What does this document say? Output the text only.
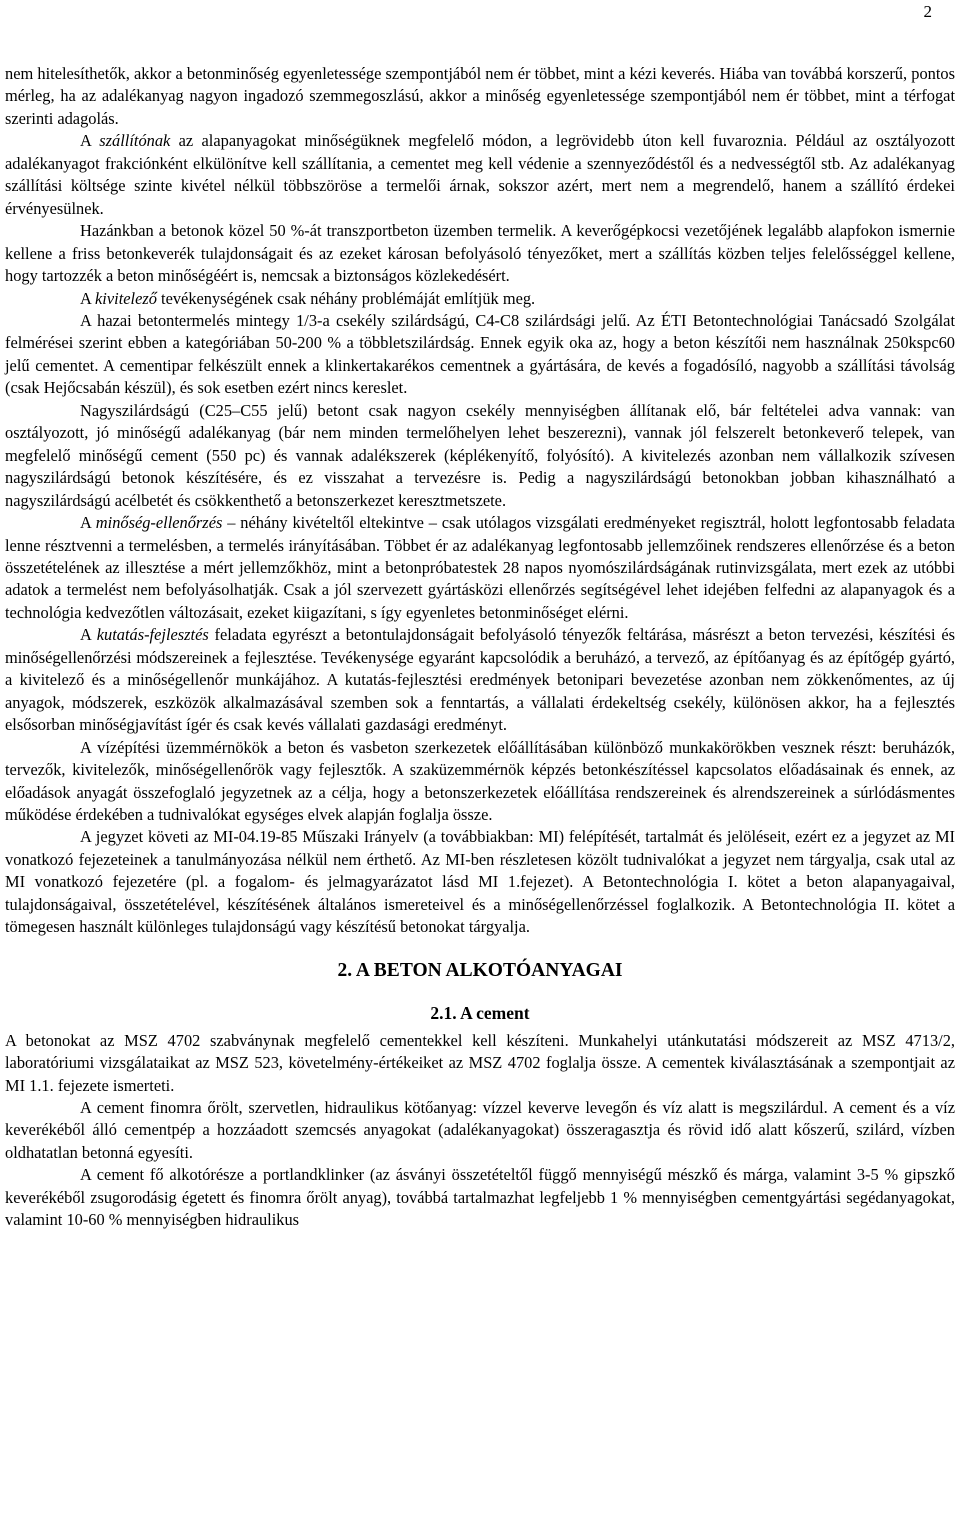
2

nem hitelesíthetők, akkor a betonminőség egyenletessége szempontjából nem ér többet, mint a kézi keverés. Hiába van továbbá korszerű, pontos mérleg, ha az adalékanyag nagyon ingadozó szemmegoszlású, akkor a minőség egyenletessége szempontjából nem ér többet, mint a térfogat szerinti adagolás.

A szállítónak az alapanyagokat minőségüknek megfelelő módon, a legrövidebb úton kell fuvaroznia. Például az osztályozott adalékanyagot frakciónként elkülönítve kell szállítania, a cementet meg kell védenie a szennyeződéstől és a nedvességtől stb. Az adalékanyag szállítási költsége szinte kivétel nélkül többszöröse a termelői árnak, sokszor azért, mert nem a megrendelő, hanem a szállító érdekei érvényesülnek.

Hazánkban a betonok közel 50 %-át transzportbeton üzemben termelik. A keverőgépkocsi vezetőjének legalább alapfokon ismernie kellene a friss betonkeverék tulajdonságait és az ezeket károsan befolyásoló tényezőket, mert a szállítás közben teljes felelősséggel kellene, hogy tartozzék a beton minőségéért is, nemcsak a biztonságos közlekedésért.

A kivitelező tevékenységének csak néhány problémáját említjük meg.

A hazai betontermelés mintegy 1/3-a csekély szilárdságú, C4-C8 szilárdsági jelű. Az ÉTI Betontechnológiai Tanácsadó Szolgálat felmérései szerint ebben a kategóriában 50-200 % a többletszilárdság. Ennek egyik oka az, hogy a beton készítői nem használnak 250kspc60 jelű cementet. A cementipar felkészült ennek a klinkertakarékos cementnek a gyártására, de kevés a fogadósíló, nagyobb a szállítási távolság (csak Hejőcsabán készül), és sok esetben ezért nincs kereslet.

Nagyszilárdságú (C25–C55 jelű) betont csak nagyon csekély mennyiségben állítanak elő, bár feltételei adva vannak: van osztályozott, jó minőségű adalékanyag (bár nem minden termelőhelyen lehet beszerezni), vannak jól felszerelt betonkeverő telepek, van megfelelő minőségű cement (550 pc) és vannak adalékszerek (képlékenyítő, folyósító). A kivitelezés azonban nem vállalkozik szívesen nagyszilárdságú betonok készítésére, és ez visszahat a tervezésre is. Pedig a nagyszilárdságú betonokban jobban kihasználható a nagyszilárdságú acélbetét és csökkenthető a betonszerkezet keresztmetszete.

A minőség-ellenőrzés – néhány kivételtől eltekintve – csak utólagos vizsgálati eredményeket regisztrál, holott legfontosabb feladata lenne résztvenni a termelésben, a termelés irányításában. Többet ér az adalékanyag legfontosabb jellemzőinek rendszeres ellenőrzése és a beton összetételének az illesztése a mért jellemzőkhöz, mint a betonpróbatestek 28 napos nyomószilárdságának rutinvizsgálata, mert ezek az utóbbi adatok a termelést nem befolyásolhatják. Csak a jól szervezett gyártásközi ellenőrzés segítségével lehet idejében felfedni az alapanyagok és a technológia kedvezőtlen változásait, ezeket kiigazítani, s így egyenletes betonminőséget elérni.

A kutatás-fejlesztés feladata egyrészt a betontulajdonságait befolyásoló tényezők feltárása, másrészt a beton tervezési, készítési és minőségellenőrzési módszereinek a fejlesztése. Tevékenysége egyaránt kapcsolódik a beruházó, a tervező, az építőanyag és az építőgép gyártó, a kivitelező és a minőségellenőr munkájához. A kutatás-fejlesztési eredmények betonipari bevezetése azonban nem zökkenőmentes, az új anyagok, módszerek, eszközök alkalmazásával szemben sok a fenntartás, a vállalati érdekeltség csekély, különösen akkor, ha a fejlesztés elsősorban minőségjavítást ígér és csak kevés vállalati gazdasági eredményt.

A vízépítési üzemmérnökök a beton és vasbeton szerkezetek előállításában különböző munkakörökben vesznek részt: beruházók, tervezők, kivitelezők, minőségellenőrök vagy fejlesztők. A szaküzemmérnök képzés betonkészítéssel kapcsolatos előadásainak és ennek, az előadások anyagát összefoglaló jegyzetnek az a célja, hogy a betonszerkezetek előállítása rendszereinek és alrendszereinek a súrlódásmentes működése érdekében a tudnivalókat egységes elvek alapján foglalja össze.

A jegyzet követi az MI-04.19-85 Műszaki Irányelv (a továbbiakban: MI) felépítését, tartalmát és jelöléseit, ezért ez a jegyzet az MI vonatkozó fejezeteinek a tanulmányozása nélkül nem érthető. Az MI-ben részletesen közölt tudnivalókat a jegyzet nem tárgyalja, csak utal az MI vonatkozó fejezetére (pl. a fogalom- és jelmagyarázatot lásd MI 1.fejezet). A Betontechnológia I. kötet a beton alapanyagaival, tulajdonságaival, összetételével, készítésének általános ismereteivel és a minőségellenőrzéssel foglalkozik. A Betontechnológia II. kötet a tömegesen használt különleges tulajdonságú vagy készítésű betonokat tárgyalja.

2. A BETON ALKOTÓANYAGAI
2.1. A cement

A betonokat az MSZ 4702 szabványnak megfelelő cementekkel kell készíteni. Munkahelyi utánkutatási módszereit az MSZ 4713/2, laboratóriumi vizsgálataikat az MSZ 523, követelmény-értékeiket az MSZ 4702 foglalja össze. A cementek kiválasztásának a szempontjait az MI 1.1. fejezete ismerteti.

A cement finomra őrölt, szervetlen, hidraulikus kötőanyag: vízzel keverve levegőn és víz alatt is megszilárdul. A cement és a víz keverékéből álló cementpép a hozzáadott szemcsés anyagokat (adalékanyagokat) összeragasztja és rövid idő alatt kőszerű, szilárd, vízben oldhatatlan betonná egyesíti.

A cement fő alkotórésze a portlandklinker (az ásványi összetételtől függő mennyiségű mészkő és márga, valamint 3-5 % gipszkő keverékéből zsugorodásig égetett és finomra őrölt anyag), továbbá tartalmazhat legfeljebb 1 % mennyiségben cementgyártási segédanyagokat, valamint 10-60 % mennyiségben hidraulikus
